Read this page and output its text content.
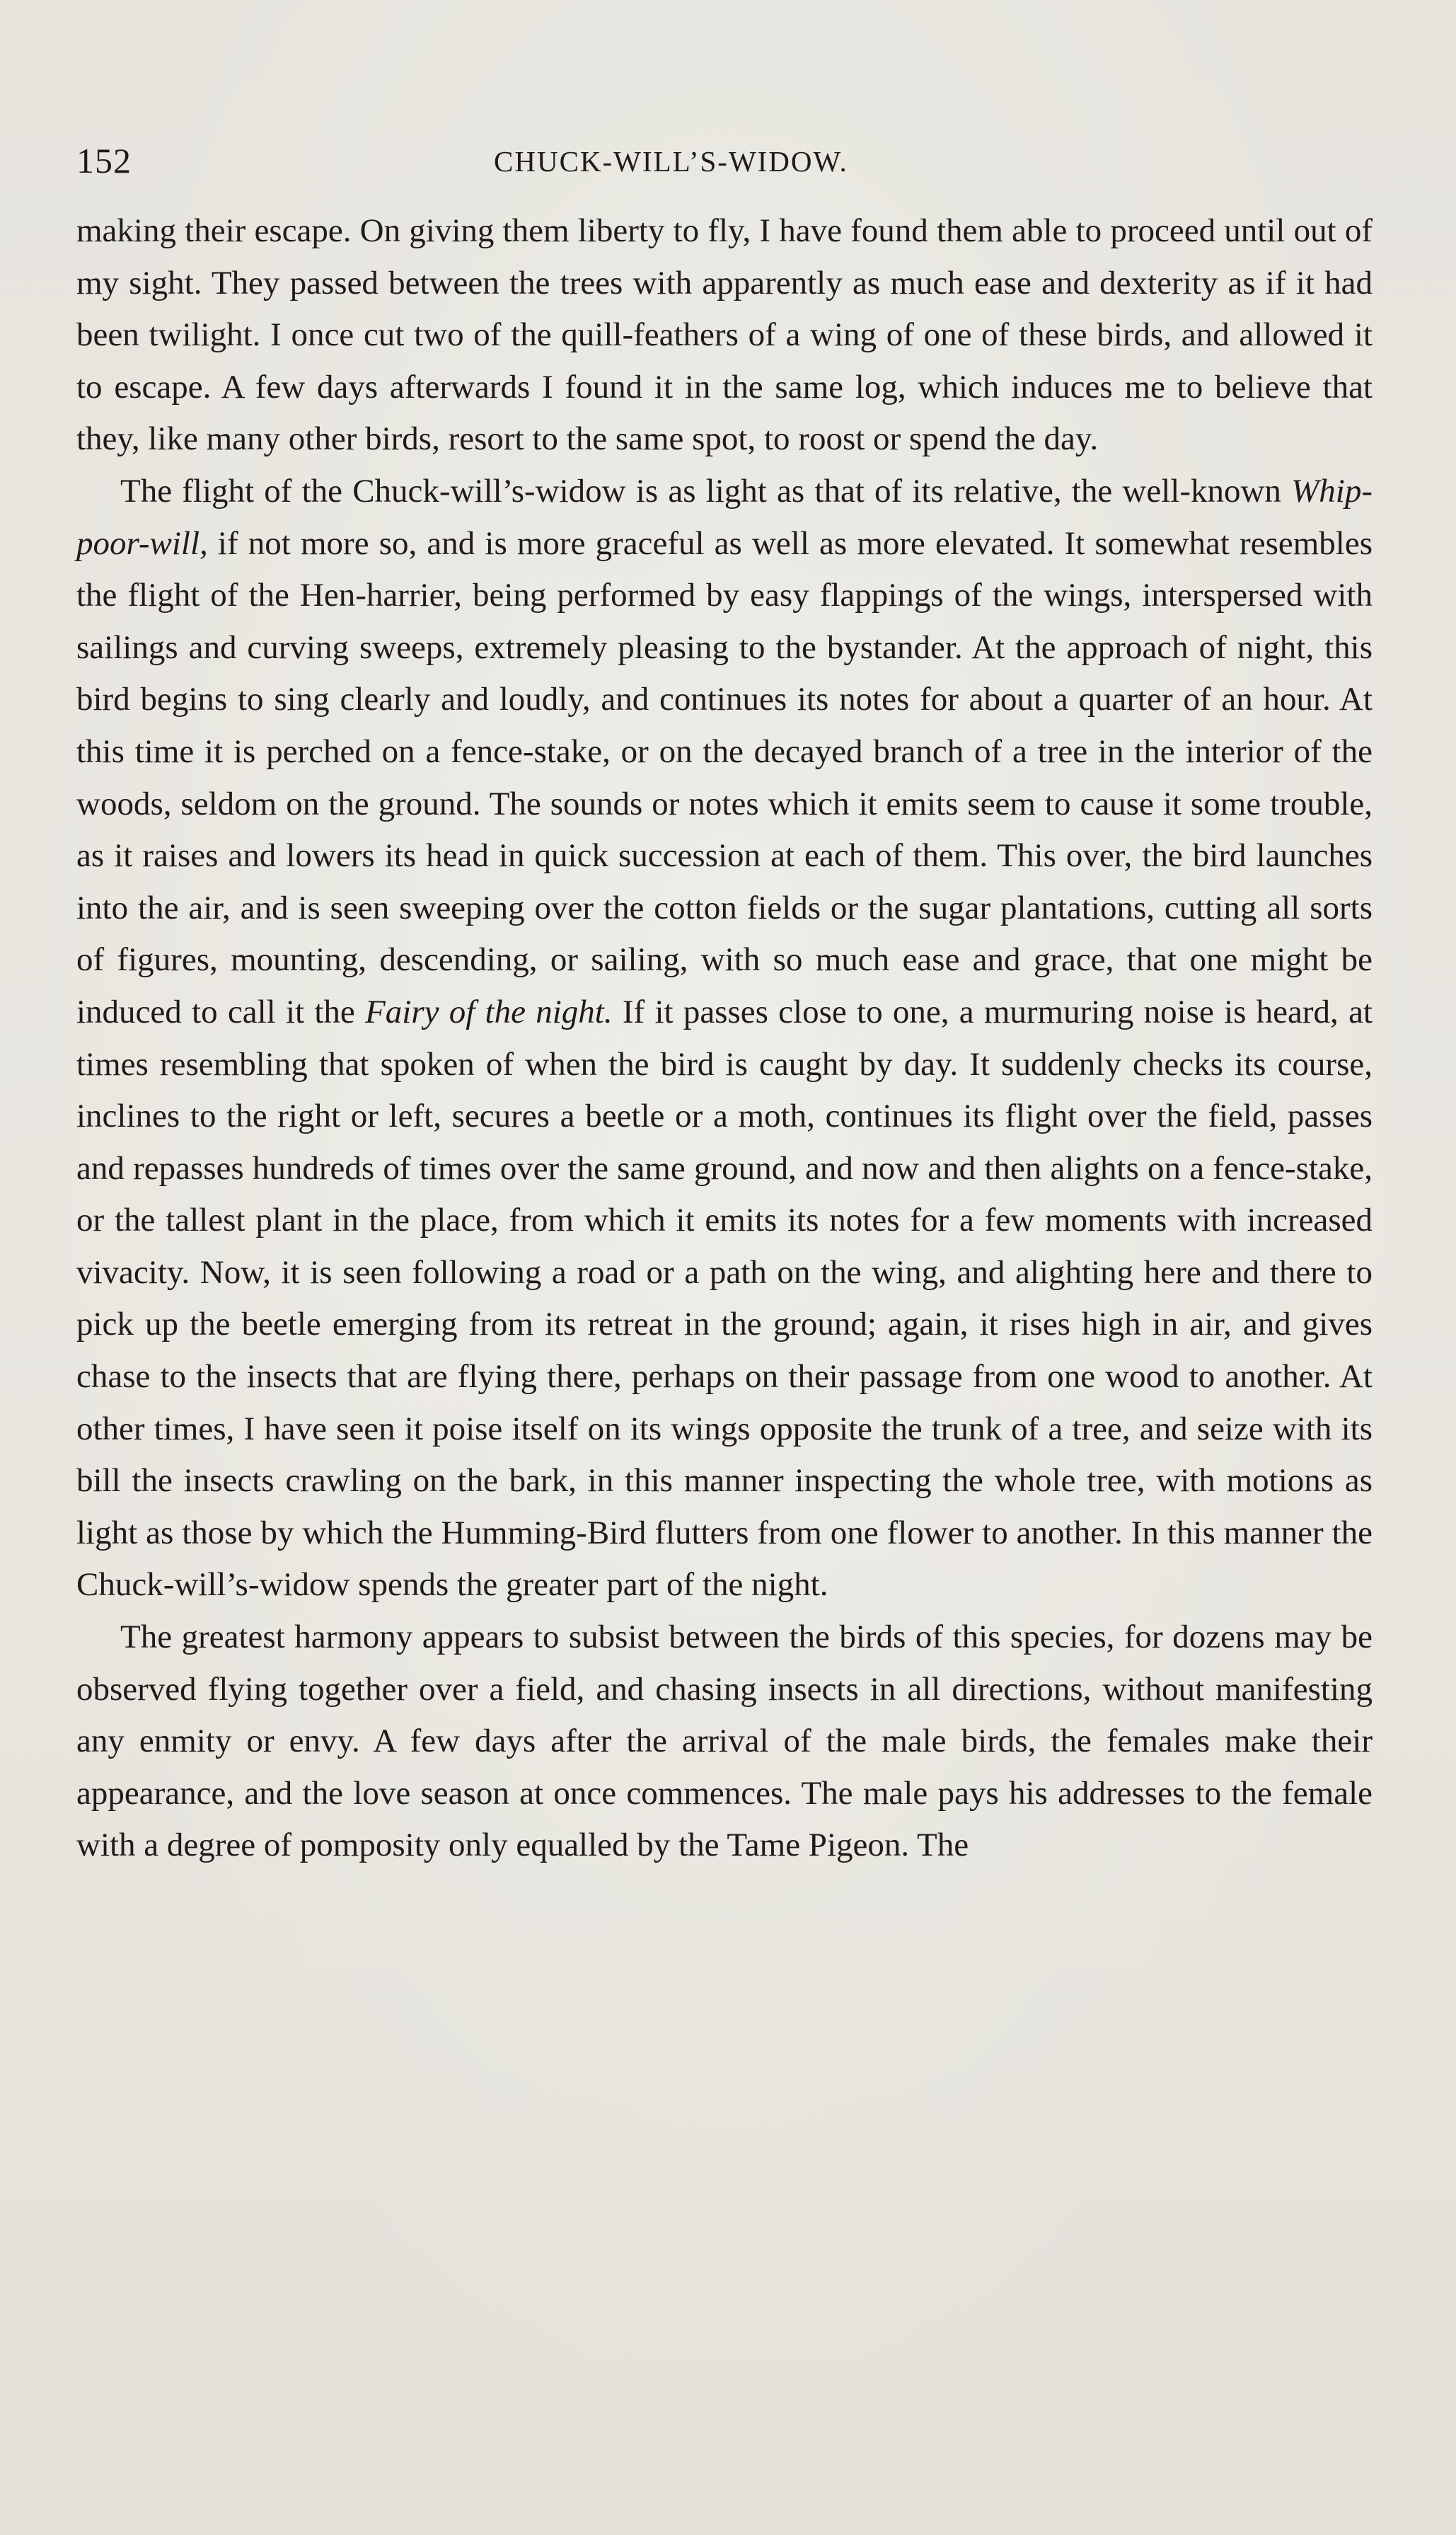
152	CHUCK-WILL’S-WIDOW.

making their escape. On giving them liberty to fly, I have found them able to proceed until out of my sight. They passed between the trees with apparently as much ease and dexterity as if it had been twilight. I once cut two of the quill-feathers of a wing of one of these birds, and allowed it to escape. A few days afterwards I found it in the same log, which induces me to believe that they, like many other birds, resort to the same spot, to roost or spend the day.

The flight of the Chuck-will’s-widow is as light as that of its relative, the well-known Whip-poor-will, if not more so, and is more graceful as well as more elevated. It somewhat resembles the flight of the Hen-harrier, being performed by easy flappings of the wings, interspersed with sailings and curving sweeps, extremely pleasing to the bystander. At the approach of night, this bird begins to sing clearly and loudly, and continues its notes for about a quarter of an hour. At this time it is perched on a fence-stake, or on the decayed branch of a tree in the interior of the woods, seldom on the ground. The sounds or notes which it emits seem to cause it some trouble, as it raises and lowers its head in quick succession at each of them. This over, the bird launches into the air, and is seen sweeping over the cotton fields or the sugar plantations, cutting all sorts of figures, mounting, descending, or sailing, with so much ease and grace, that one might be induced to call it the Fairy of the night. If it passes close to one, a murmuring noise is heard, at times resembling that spoken of when the bird is caught by day. It suddenly checks its course, inclines to the right or left, secures a beetle or a moth, continues its flight over the field, passes and repasses hundreds of times over the same ground, and now and then alights on a fence-stake, or the tallest plant in the place, from which it emits its notes for a few moments with increased vivacity. Now, it is seen following a road or a path on the wing, and alighting here and there to pick up the beetle emerging from its retreat in the ground; again, it rises high in air, and gives chase to the insects that are flying there, perhaps on their passage from one wood to another. At other times, I have seen it poise itself on its wings opposite the trunk of a tree, and seize with its bill the insects crawling on the bark, in this manner inspecting the whole tree, with motions as light as those by which the Humming-Bird flutters from one flower to another. In this manner the Chuck-will’s-widow spends the greater part of the night.

The greatest harmony appears to subsist between the birds of this species, for dozens may be observed flying together over a field, and chasing insects in all directions, without manifesting any enmity or envy. A few days after the arrival of the male birds, the females make their appearance, and the love season at once commences. The male pays his addresses to the female with a degree of pomposity only equalled by the Tame Pigeon. The
